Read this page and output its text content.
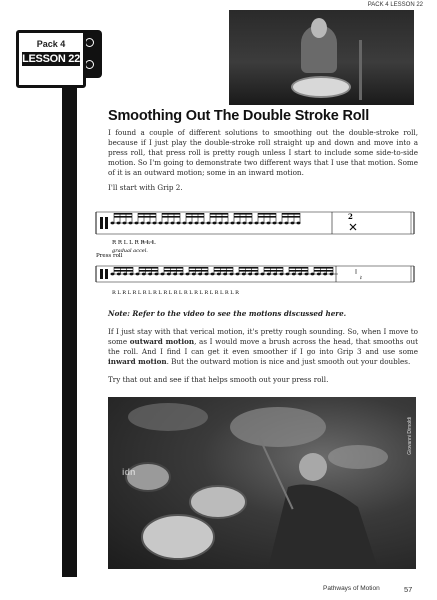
PACK 4 LESSON 22
Pack 4
LESSON 22
Smoothing Out The Double Stroke Roll

I found a couple of different solutions to smoothing out the double-stroke roll, because if I just play the double-stroke roll straight up and down and move into a press roll, that press roll is pretty rough unless I start to include some side-to-side motion. So I'm going to demonstrate two different ways that I use that motion. Some of it is an outward motion; some in an inward motion.

I'll start with Grip 2.

2
R R L L R R L L
gradual accel.
Press roll
𝄽
R L R L R L R L R L R L R L R L R L R L R L R L R

Note: Refer to the video to see the motions discussed here.

If I just stay with that verical motion, it's pretty rough sounding. So, when I move to some outward motion, as I would move a brush across the head, that smooths out the roll. And I find I can get it even smoother if I go into Grip 3 and use some inward motion. But the outward motion is nice and just smooth out your doubles.

Try that out and see if that helps smooth out your press roll.

idn
Giovanni Dimoldi
Pathways of Motion	57
